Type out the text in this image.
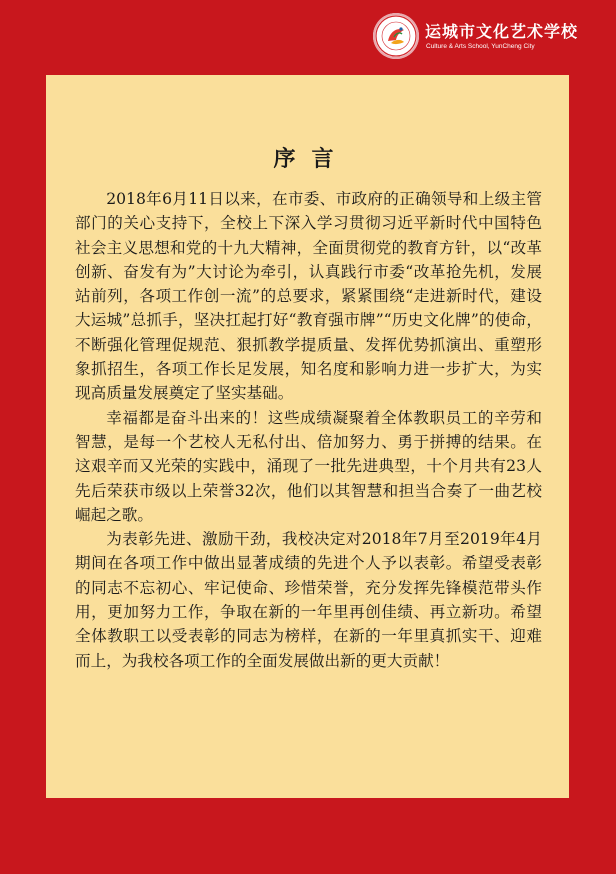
运城市文化艺术学校
Culture & Arts School, YunCheng City
序言

2018年6月11日以来，在市委、市政府的正确领导和上级主管部门的关心支持下，全校上下深入学习贯彻习近平新时代中国特色社会主义思想和党的十九大精神，全面贯彻党的教育方针，以“改革创新、奋发有为”大讨论为牵引，认真践行市委“改革抢先机，发展站前列，各项工作创一流”的总要求，紧紧围绕“走进新时代，建设大运城”总抓手，坚决扛起打好“教育强市牌”“历史文化牌”的使命，不断强化管理促规范、狠抓教学提质量、发挥优势抓演出、重塑形象抓招生，各项工作长足发展，知名度和影响力进一步扩大，为实现高质量发展奠定了坚实基础。

幸福都是奋斗出来的！这些成绩凝聚着全体教职员工的辛劳和智慧，是每一个艺校人无私付出、倍加努力、勇于拼搏的结果。在这艰辛而又光荣的实践中，涌现了一批先进典型，十个月共有23人先后荣获市级以上荣誉32次，他们以其智慧和担当合奏了一曲艺校崛起之歌。

为表彰先进、激励干劲，我校决定对2018年7月至2019年4月期间在各项工作中做出显著成绩的先进个人予以表彰。希望受表彰的同志不忘初心、牢记使命、珍惜荣誉，充分发挥先锋模范带头作用，更加努力工作，争取在新的一年里再创佳绩、再立新功。希望全体教职工以受表彰的同志为榜样，在新的一年里真抓实干、迎难而上，为我校各项工作的全面发展做出新的更大贡献！
